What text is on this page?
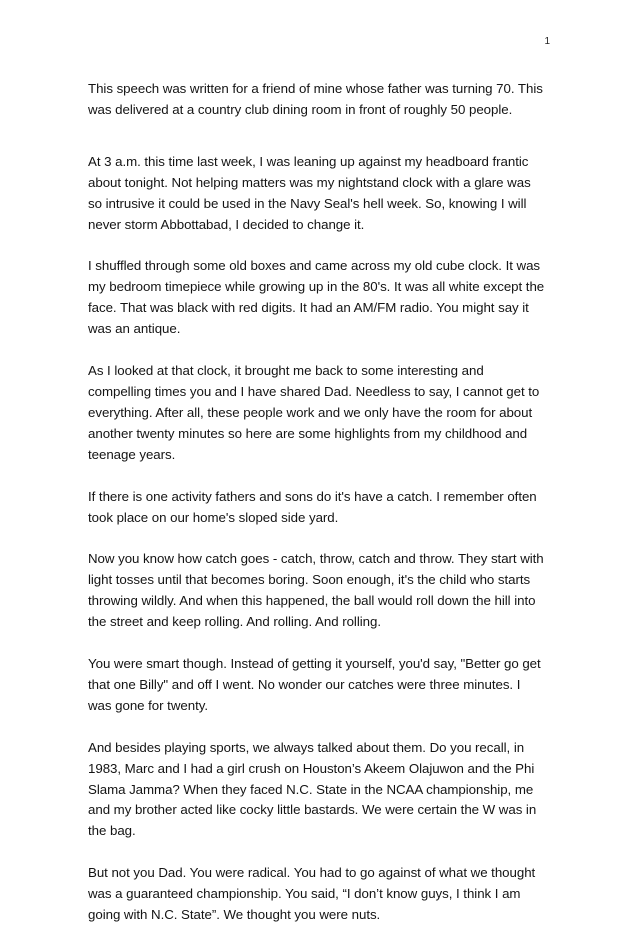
1

This speech was written for a friend of mine whose father was turning 70. This
was delivered at a country club dining room in front of roughly 50 people.

At 3 a.m. this time last week, I was leaning up against my headboard frantic
about tonight. Not helping matters was my nightstand clock with a glare was
so intrusive it could be used in the Navy Seal's hell week. So, knowing I will
never storm Abbottabad, I decided to change it.

I shuffled through some old boxes and came across my old cube clock. It was
my bedroom timepiece while growing up in the 80's. It was all white except the
face. That was black with red digits. It had an AM/FM radio. You might say it
was an antique.

As I looked at that clock, it brought me back to some interesting and
compelling times you and I have shared Dad. Needless to say, I cannot get to
everything. After all, these people work and we only have the room for about
another twenty minutes so here are some highlights from my childhood and
teenage years.

If there is one activity fathers and sons do it's have a catch. I remember often
took place on our home's sloped side yard.

Now you know how catch goes - catch, throw, catch and throw. They start with
light tosses until that becomes boring. Soon enough, it's the child who starts
throwing wildly. And when this happened, the ball would roll down the hill into
the street and keep rolling. And rolling. And rolling.

You were smart though. Instead of getting it yourself, you'd say, "Better go get
that one Billy" and off I went. No wonder our catches were three minutes. I
was gone for twenty.

And besides playing sports, we always talked about them. Do you recall, in
1983, Marc and I had a girl crush on Houston’s Akeem Olajuwon and the Phi
Slama Jamma? When they faced N.C. State in the NCAA championship, me
and my brother acted like cocky little bastards. We were certain the W was in
the bag.

But not you Dad. You were radical. You had to go against of what we thought
was a guaranteed championship. You said, “I don’t know guys, I think I am
going with N.C. State”. We thought you were nuts.
